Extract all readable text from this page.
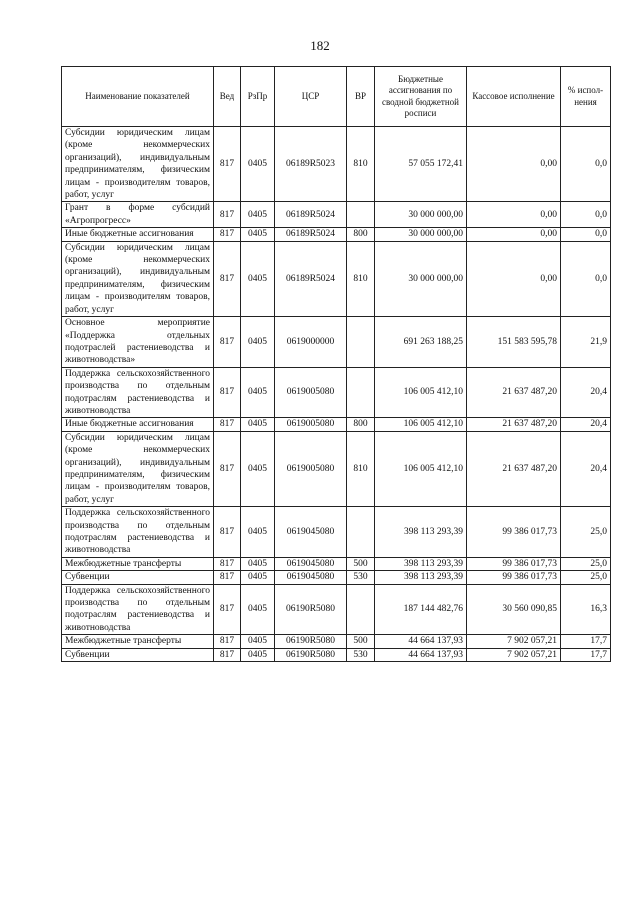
182
Наименование показателей	Вед	РзПр	ЦСР	ВР	Бюджетные ассигнования по сводной бюджетной росписи	Кассовое исполнение	% испол-нения
Субсидии юридическим лицам (кроме некоммерческих организаций), индивидуальным предпринимателям, физическим лицам - производителям товаров, работ, услуг	817	0405	06189R5023	810	57 055 172,41	0,00	0,0
Грант в форме субсидий «Агропрогресс»	817	0405	06189R5024		30 000 000,00	0,00	0,0
Иные бюджетные ассигнования	817	0405	06189R5024	800	30 000 000,00	0,00	0,0
Субсидии юридическим лицам (кроме некоммерческих организаций), индивидуальным предпринимателям, физическим лицам - производителям товаров, работ, услуг	817	0405	06189R5024	810	30 000 000,00	0,00	0,0
Основное мероприятие «Поддержка отдельных подотраслей растениеводства и животноводства»	817	0405	0619000000		691 263 188,25	151 583 595,78	21,9
Поддержка сельскохозяйственного производства по отдельным подотраслям растениеводства и животноводства	817	0405	0619005080		106 005 412,10	21 637 487,20	20,4
Иные бюджетные ассигнования	817	0405	0619005080	800	106 005 412,10	21 637 487,20	20,4
Субсидии юридическим лицам (кроме некоммерческих организаций), индивидуальным предпринимателям, физическим лицам - производителям товаров, работ, услуг	817	0405	0619005080	810	106 005 412,10	21 637 487,20	20,4
Поддержка сельскохозяйственного производства по отдельным подотраслям растениеводства и животноводства	817	0405	0619045080		398 113 293,39	99 386 017,73	25,0
Межбюджетные трансферты	817	0405	0619045080	500	398 113 293,39	99 386 017,73	25,0
Субвенции	817	0405	0619045080	530	398 113 293,39	99 386 017,73	25,0
Поддержка сельскохозяйственного производства по отдельным подотраслям растениеводства и животноводства	817	0405	06190R5080		187 144 482,76	30 560 090,85	16,3
Межбюджетные трансферты	817	0405	06190R5080	500	44 664 137,93	7 902 057,21	17,7
Субвенции	817	0405	06190R5080	530	44 664 137,93	7 902 057,21	17,7
